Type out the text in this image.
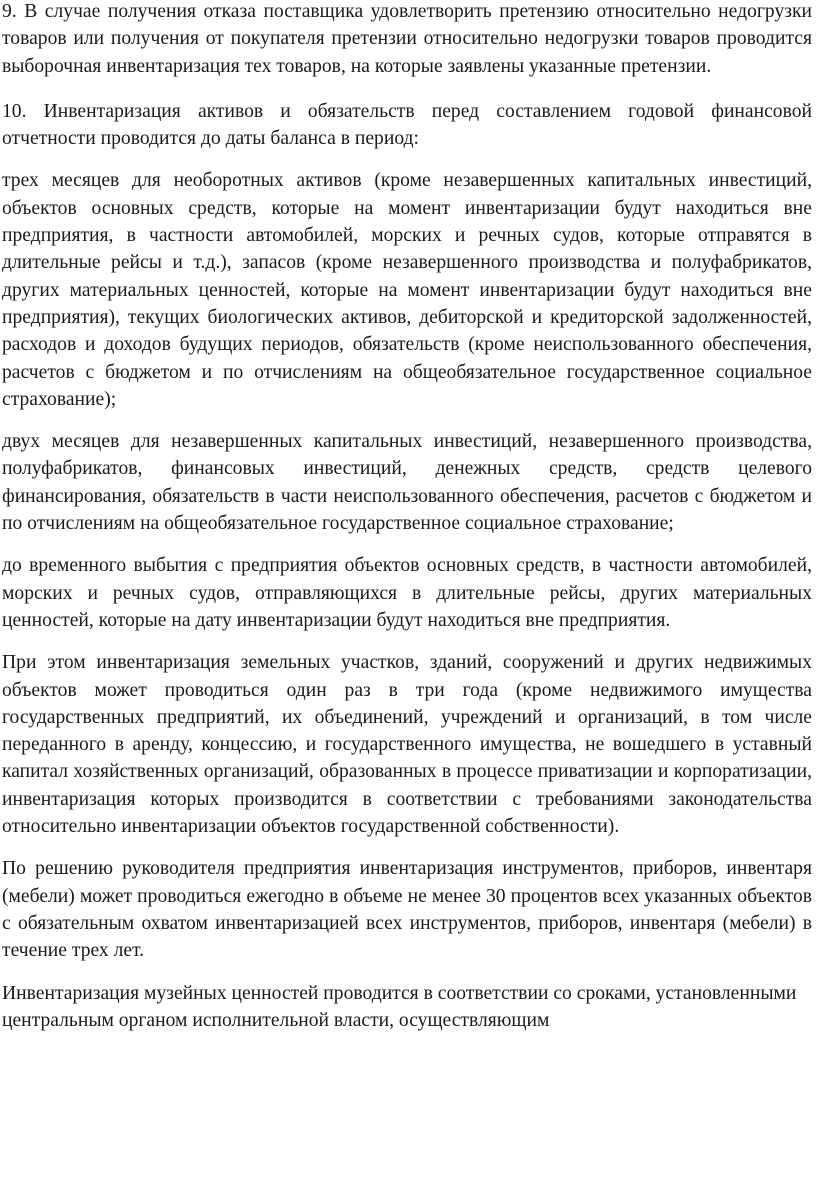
9. В случае получения отказа поставщика удовлетворить претензию относительно недогрузки товаров или получения от покупателя претензии относительно недогрузки товаров проводится выборочная инвентаризация тех товаров, на которые заявлены указанные претензии.

10. Инвентаризация активов и обязательств перед составлением годовой финансовой отчетности проводится до даты баланса в период:

трех месяцев для необоротных активов (кроме незавершенных капитальных инвестиций, объектов основных средств, которые на момент инвентаризации будут находиться вне предприятия, в частности автомобилей, морских и речных судов, которые отправятся в длительные рейсы и т.д.), запасов (кроме незавершенного производства и полуфабрикатов, других материальных ценностей, которые на момент инвентаризации будут находиться вне предприятия), текущих биологических активов, дебиторской и кредиторской задолженностей, расходов и доходов будущих периодов, обязательств (кроме неиспользованного обеспечения, расчетов с бюджетом и по отчислениям на общеобязательное государственное социальное страхование);

двух месяцев для незавершенных капитальных инвестиций, незавершенного производства, полуфабрикатов, финансовых инвестиций, денежных средств, средств целевого финансирования, обязательств в части неиспользованного обеспечения, расчетов с бюджетом и по отчислениям на общеобязательное государственное социальное страхование;

до временного выбытия с предприятия объектов основных средств, в частности автомобилей, морских и речных судов, отправляющихся в длительные рейсы, других материальных ценностей, которые на дату инвентаризации будут находиться вне предприятия.

При этом инвентаризация земельных участков, зданий, сооружений и других недвижимых объектов может проводиться один раз в три года (кроме недвижимого имущества государственных предприятий, их объединений, учреждений и организаций, в том числе переданного в аренду, концессию, и государственного имущества, не вошедшего в уставный капитал хозяйственных организаций, образованных в процессе приватизации и корпоратизации, инвентаризация которых производится в соответствии с требованиями законодательства относительно инвентаризации объектов государственной собственности).

По решению руководителя предприятия инвентаризация инструментов, приборов, инвентаря (мебели) может проводиться ежегодно в объеме не менее 30 процентов всех указанных объектов с обязательным охватом инвентаризацией всех инструментов, приборов, инвентаря (мебели) в течение трех лет.

Инвентаризация музейных ценностей проводится в соответствии со сроками, установленными центральным органом исполнительной власти, осуществляющим
